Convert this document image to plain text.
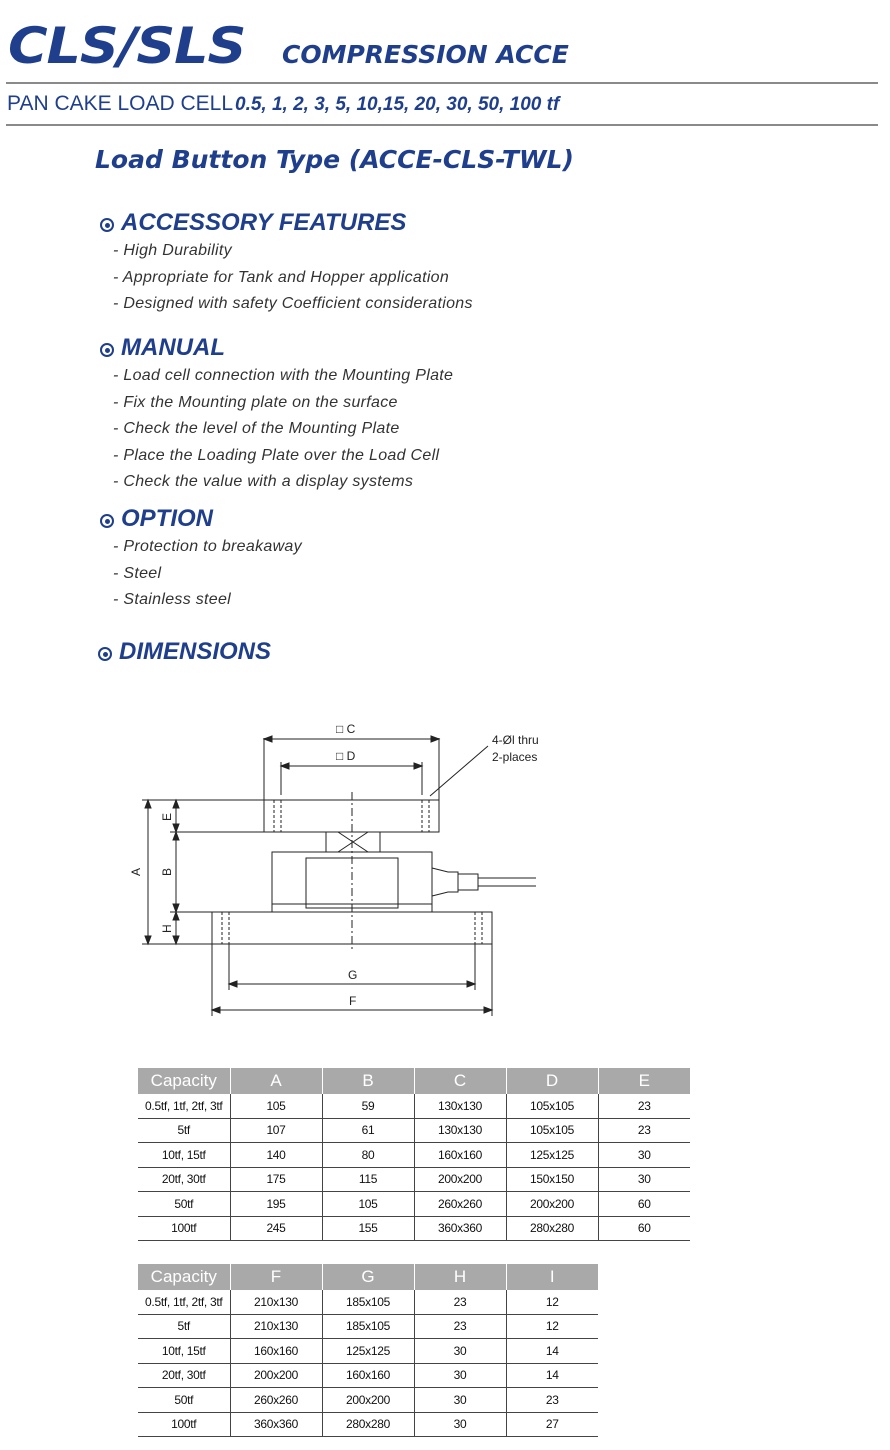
CLS/SLS COMPRESSION ACCE
PAN CAKE LOAD CELL 0.5, 1, 2, 3, 5, 10,15, 20, 30, 50, 100 tf
Load Button Type (ACCE-CLS-TWL)
ACCESSORY FEATURES
- High Durability
- Appropriate for Tank and Hopper application
- Designed with safety Coefficient considerations
MANUAL
- Load cell connection with the Mounting Plate
- Fix the Mounting plate on the surface
- Check the level of the Mounting Plate
- Place the Loading Plate over the Load Cell
- Check the value with a display systems
OPTION
- Protection to breakaway
- Steel
- Stainless steel
DIMENSIONS
□ C
□ D
4-Øl thru
2-places
A B
E
H
G
F
Capacity	A	B	C	D	E
0.5tf, 1tf, 2tf, 3tf	105	59	130x130	105x105	23
5tf	107	61	130x130	105x105	23
10tf, 15tf	140	80	160x160	125x125	30
20tf, 30tf	175	115	200x200	150x150	30
50tf	195	105	260x260	200x200	60
100tf	245	155	360x360	280x280	60
Capacity	F	G	H	I
0.5tf, 1tf, 2tf, 3tf	210x130	185x105	23	12
5tf	210x130	185x105	23	12
10tf, 15tf	160x160	125x125	30	14
20tf, 30tf	200x200	160x160	30	14
50tf	260x260	200x200	30	23
100tf	360x360	280x280	30	27
